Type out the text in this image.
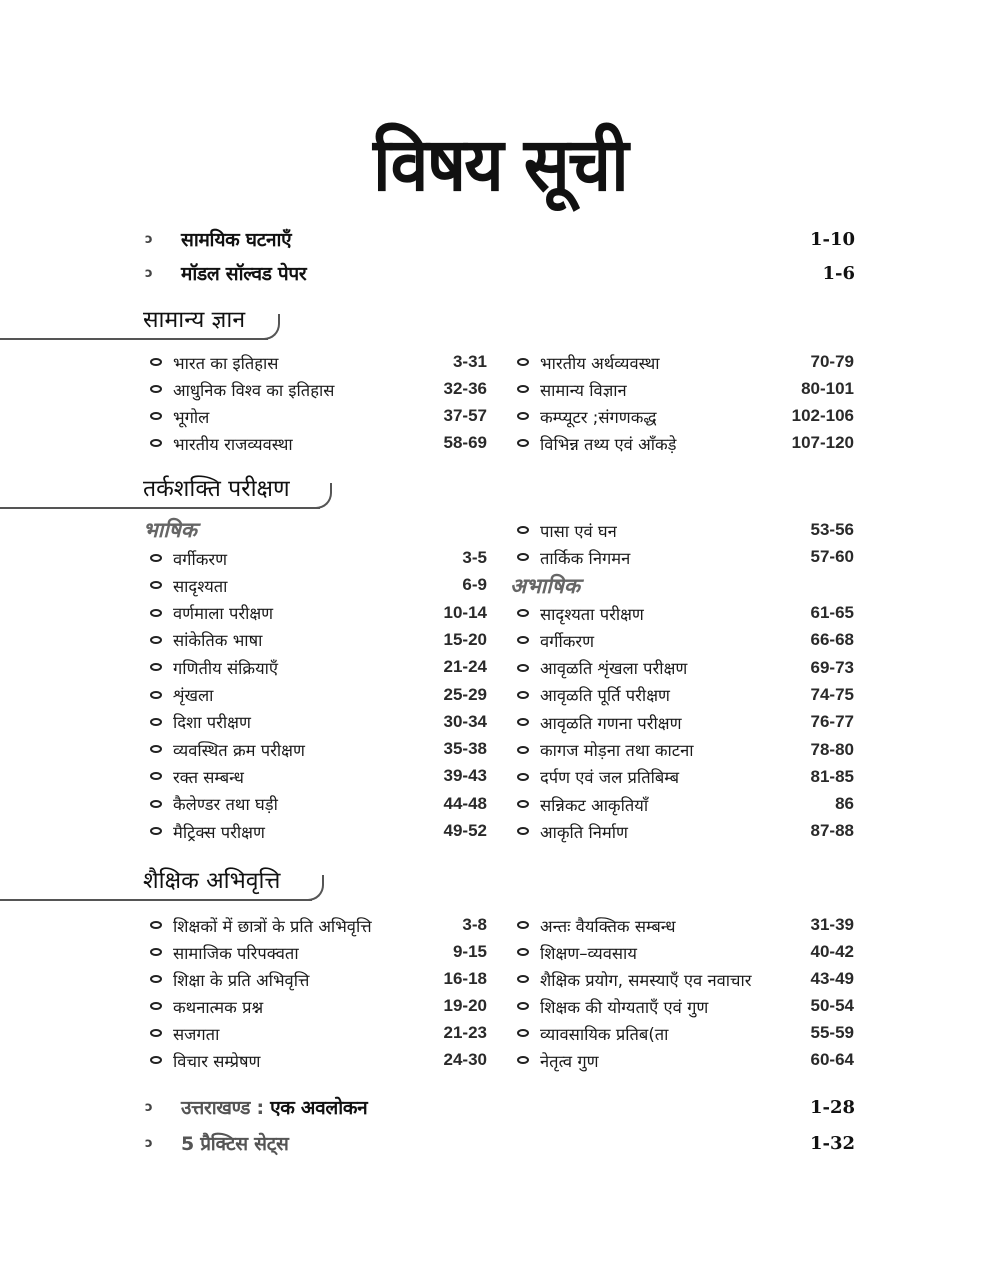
विषय सूची
ɔ	सामयिक घटनाएँ	1-10
ɔ	मॉडल सॉल्वड पेपर	1-6
सामान्य ज्ञान
भारत का इतिहास	3-31
आधुनिक विश्व का इतिहास	32-36
भूगोल	37-57
भारतीय राजव्यवस्था	58-69
भारतीय अर्थव्यवस्था	70-79
सामान्य विज्ञान	80-101
कम्प्यूटर ;संगणकद्ध	102-106
विभिन्न तथ्य एवं आँकड़े	107-120
तर्कशक्ति परीक्षण
भाषिक
अभाषिक
वर्गीकरण	3-5
सादृश्यता	6-9
वर्णमाला परीक्षण	10-14
सांकेतिक भाषा	15-20
गणितीय संक्रियाएँ	21-24
शृंखला	25-29
दिशा परीक्षण	30-34
व्यवस्थित क्रम परीक्षण	35-38
रक्त सम्बन्ध	39-43
कैलेण्डर तथा घड़ी	44-48
मैट्रिक्स परीक्षण	49-52
पासा एवं घन	53-56
तार्किक निगमन	57-60
सादृश्यता परीक्षण	61-65
वर्गीकरण	66-68
आवृळति शृंखला परीक्षण	69-73
आवृळति पूर्ति परीक्षण	74-75
आवृळति गणना परीक्षण	76-77
कागज मोड़ना तथा काटना	78-80
दर्पण एवं जल प्रतिबिम्ब	81-85
सन्निकट आकृतियाँ	86
आकृति निर्माण	87-88
शैक्षिक अभिवृत्ति
शिक्षकों में छात्रों के प्रति अभिवृत्ति	3-8
सामाजिक परिपक्वता	9-15
शिक्षा के प्रति अभिवृत्ति	16-18
कथनात्मक प्रश्न	19-20
सजगता	21-23
विचार सम्प्रेषण	24-30
अन्तः वैयक्तिक सम्बन्ध	31-39
शिक्षण–व्यवसाय	40-42
शैक्षिक प्रयोग, समस्याएँ एव नवाचार	43-49
शिक्षक की योग्यताएँ एवं गुण	50-54
व्यावसायिक प्रतिब(ता	55-59
नेतृत्व गुण	60-64
ɔ	उत्तराखण्ड : एक अवलोकन	1-28
ɔ	5 प्रैक्टिस सेट्स	1-32
